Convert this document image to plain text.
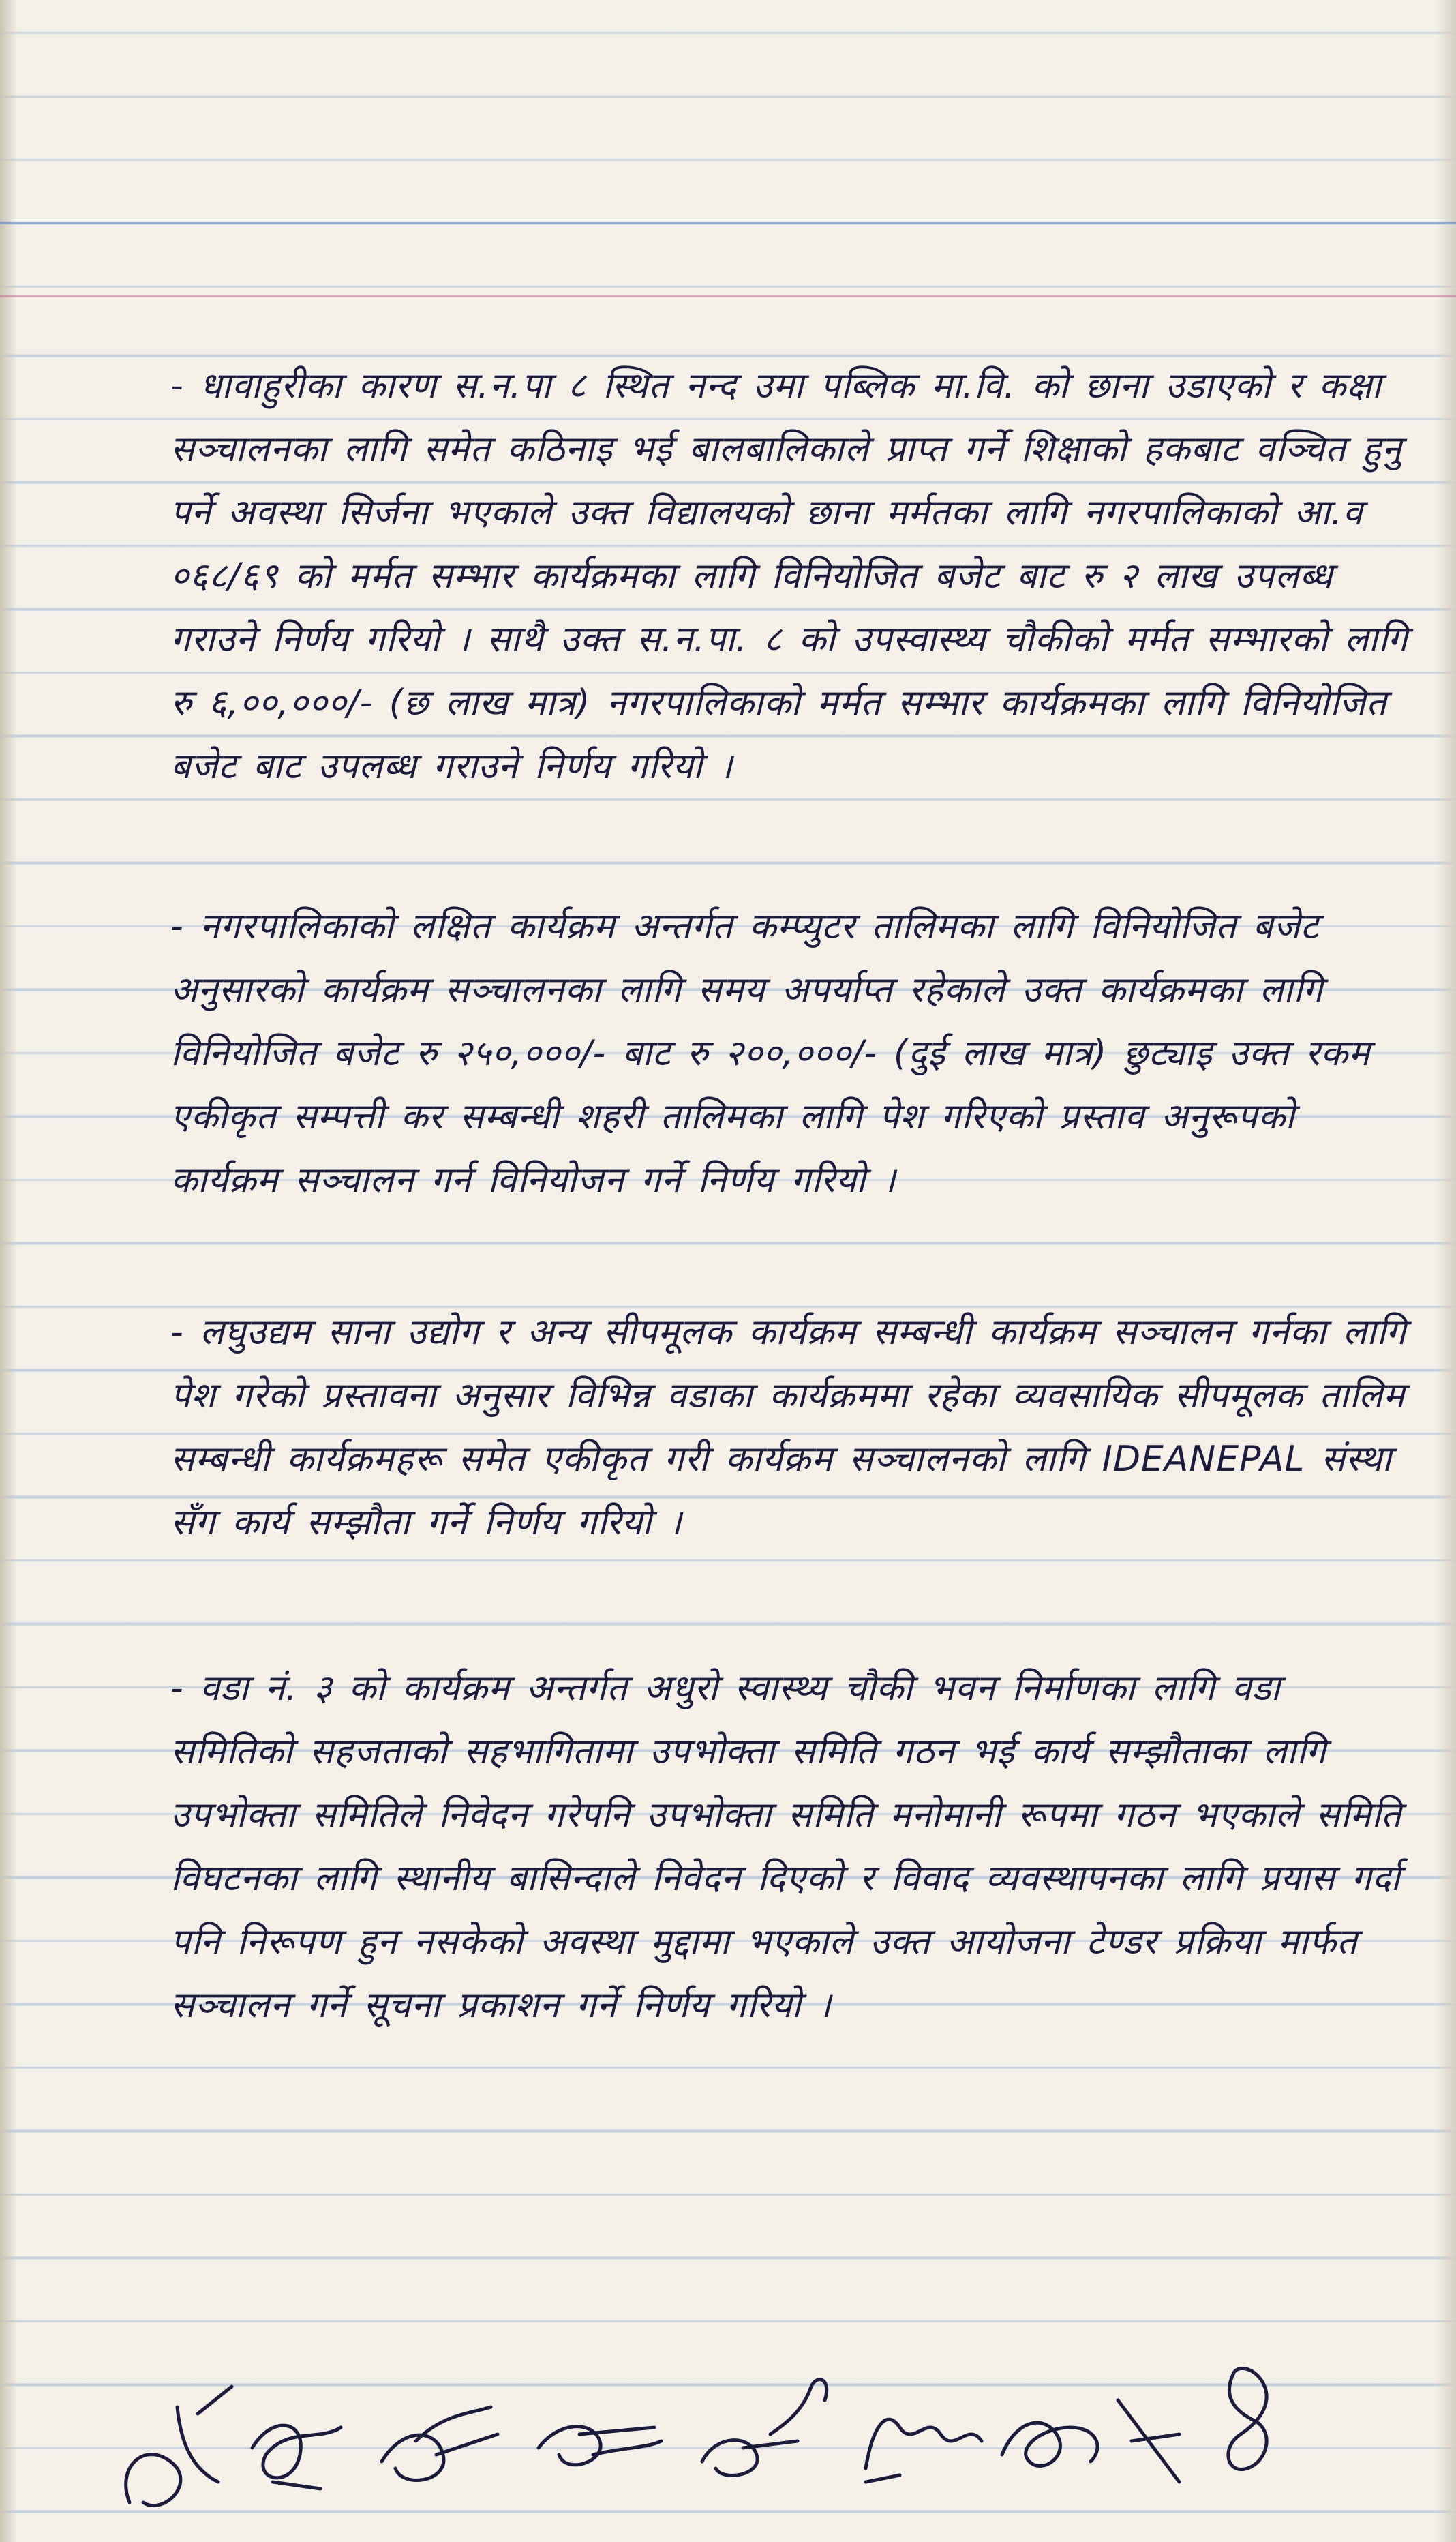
- धावाहुरीका कारण स.न.पा ८ स्थित नन्द उमा पब्लिक मा.वि. को छाना उडाएको र कक्षा सञ्चालनका लागि समेत कठिनाइ भई बालबालिकाले प्राप्त गर्ने शिक्षाको हकबाट वञ्चित हुनु पर्ने अवस्था सिर्जना भएकाले उक्त विद्यालयको छाना मर्मतका लागि नगरपालिकाको आ.व ०६८/६९ को मर्मत सम्भार कार्यक्रमका लागि विनियोजित बजेट बाट रु २ लाख उपलब्ध गराउने निर्णय गरियो । साथै उक्त स.न.पा. ८ को उपस्वास्थ्य चौकीको मर्मत सम्भारको लागि रु ६,००,०००/- (छ लाख मात्र) नगरपालिकाको मर्मत सम्भार कार्यक्रमका लागि विनियोजित बजेट बाट उपलब्ध गराउने निर्णय गरियो ।

- नगरपालिकाको लक्षित कार्यक्रम अन्तर्गत कम्प्युटर तालिमका लागि विनियोजित बजेट अनुसारको कार्यक्रम सञ्चालनका लागि समय अपर्याप्त रहेकाले उक्त कार्यक्रमका लागि विनियोजित बजेट रु २५०,०००/- बाट रु २००,०००/- (दुई लाख मात्र) छुट्याइ उक्त रकम एकीकृत सम्पत्ती कर सम्बन्धी शहरी तालिमका लागि पेश गरिएको प्रस्ताव अनुरूपको कार्यक्रम सञ्चालन गर्न विनियोजन गर्ने निर्णय गरियो ।

- लघुउद्यम साना उद्योग र अन्य सीपमूलक कार्यक्रम सम्बन्धी कार्यक्रम सञ्चालन गर्नका लागि पेश गरेको प्रस्तावना अनुसार विभिन्न वडाका कार्यक्रममा रहेका व्यवसायिक सीपमूलक तालिम सम्बन्धी कार्यक्रमहरू समेत एकीकृत गरी कार्यक्रम सञ्चालनको लागि IDEANEPAL संस्था सँग कार्य सम्झौता गर्ने निर्णय गरियो ।

- वडा नं. ३ को कार्यक्रम अन्तर्गत अधुरो स्वास्थ्य चौकी भवन निर्माणका लागि वडा समितिको सहजताको सहभागितामा उपभोक्ता समिति गठन भई कार्य सम्झौताका लागि उपभोक्ता समितिले निवेदन गरेपनि उपभोक्ता समिति मनोमानी रूपमा गठन भएकाले समिति विघटनका लागि स्थानीय बासिन्दाले निवेदन दिएको र विवाद व्यवस्थापनका लागि प्रयास गर्दा पनि निरूपण हुन नसकेको अवस्था मुद्दामा भएकाले उक्त आयोजना टेण्डर प्रक्रिया मार्फत सञ्चालन गर्ने सूचना प्रकाशन गर्ने निर्णय गरियो ।
